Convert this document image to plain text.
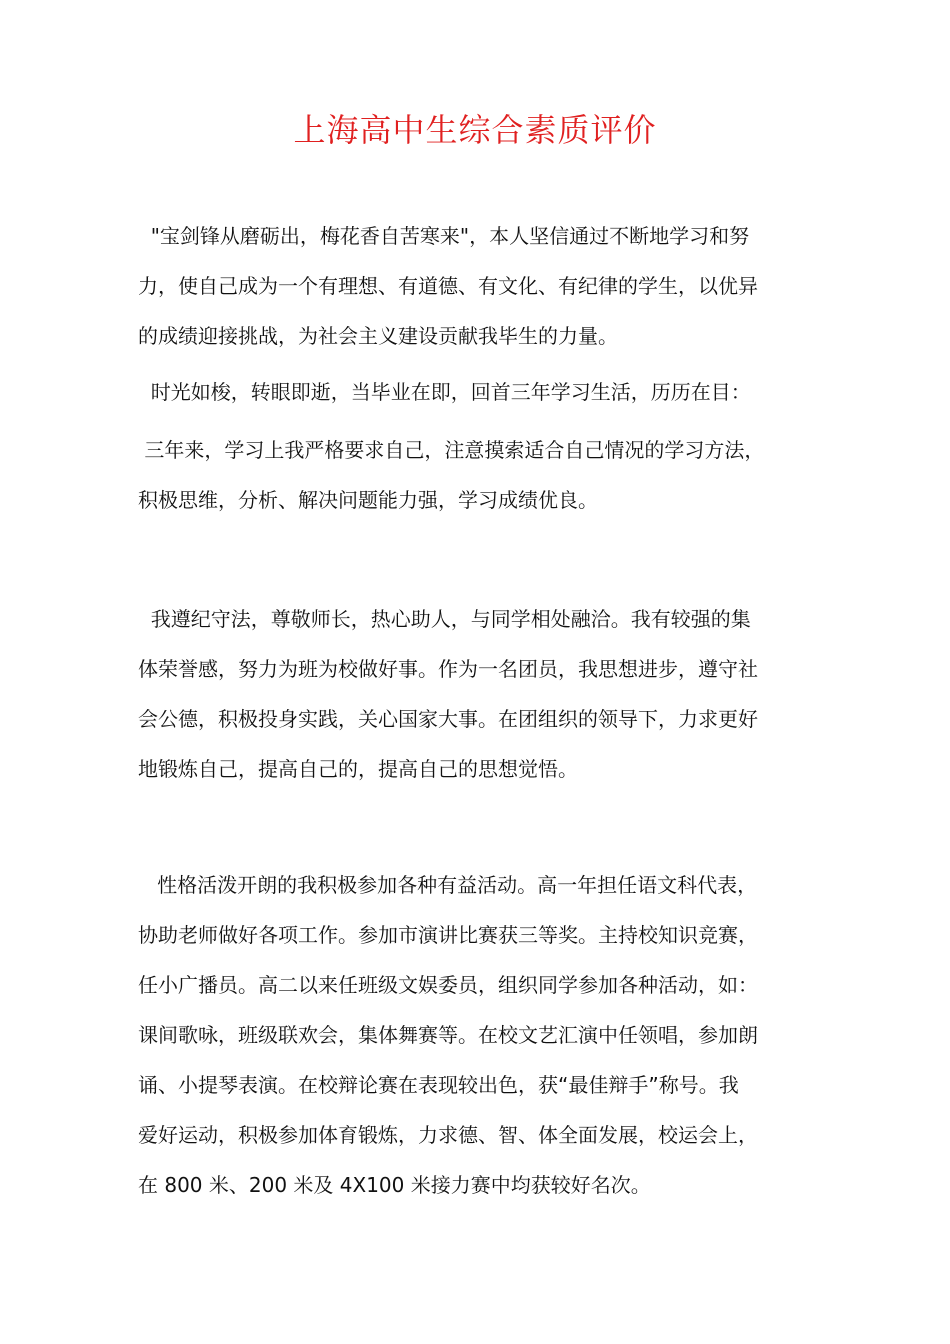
上海高中生综合素质评价

"宝剑锋从磨砺出，梅花香自苦寒来"，本人坚信通过不断地学习和努
力，使自己成为一个有理想、有道德、有文化、有纪律的学生，以优异
的成绩迎接挑战，为社会主义建设贡献我毕生的力量。

时光如梭，转眼即逝，当毕业在即，回首三年学习生活，历历在目：

三年来，学习上我严格要求自己，注意摸索适合自己情况的学习方法，
积极思维，分析、解决问题能力强，学习成绩优良。

我遵纪守法，尊敬师长，热心助人，与同学相处融洽。我有较强的集
体荣誉感，努力为班为校做好事。作为一名团员，我思想进步，遵守社
会公德，积极投身实践，关心国家大事。在团组织的领导下，力求更好
地锻炼自己，提高自己的，提高自己的思想觉悟。

性格活泼开朗的我积极参加各种有益活动。高一年担任语文科代表，
协助老师做好各项工作。参加市演讲比赛获三等奖。主持校知识竞赛，
任小广播员。高二以来任班级文娱委员，组织同学参加各种活动，如：
课间歌咏，班级联欢会，集体舞赛等。在校文艺汇演中任领唱，参加朗
诵、小提琴表演。在校辩论赛在表现较出色，获“最佳辩手”称号。我
爱好运动，积极参加体育锻炼，力求德、智、体全面发展，校运会上，
在 800 米、200 米及 4X100 米接力赛中均获较好名次。
